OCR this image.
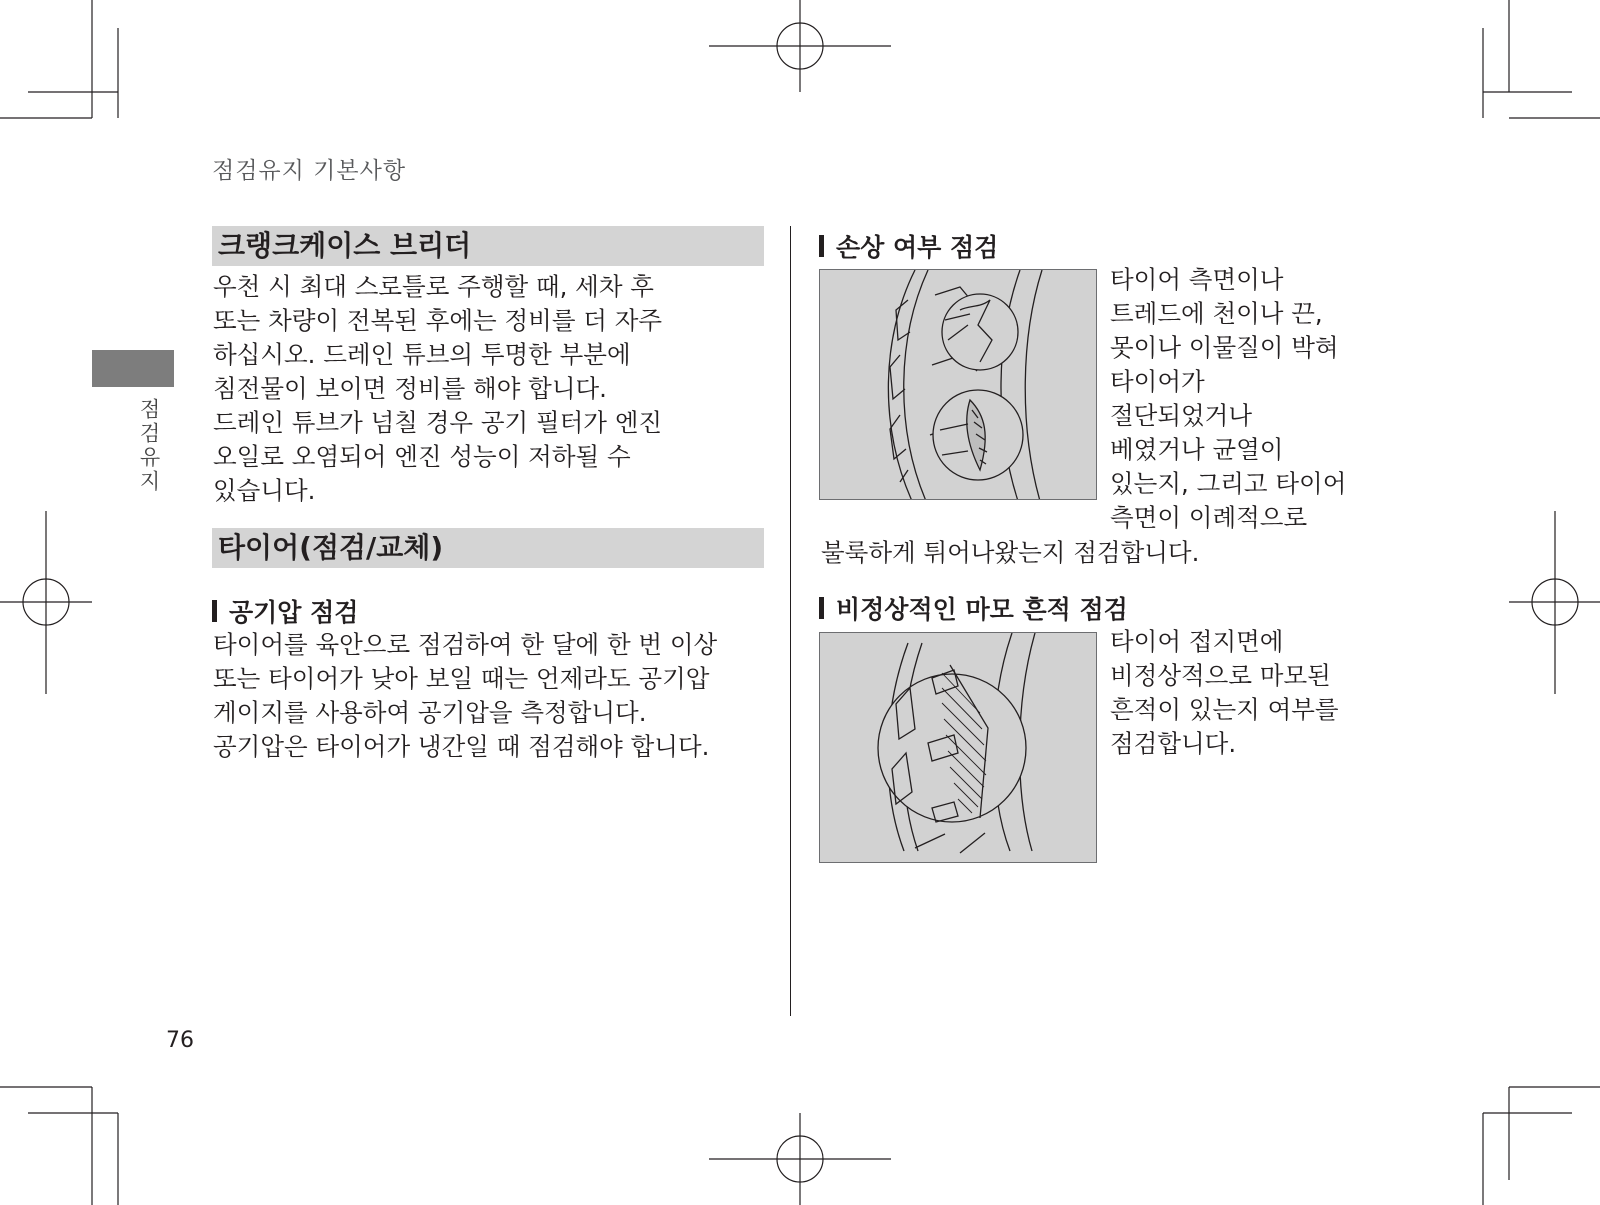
점검유지 기본사항
점검유지
76
크랭크케이스 브리더
우천 시 최대 스로틀로 주행할 때, 세차 후
또는 차량이 전복된 후에는 정비를 더 자주
하십시오. 드레인 튜브의 투명한 부분에
침전물이 보이면 정비를 해야 합니다.
드레인 튜브가 넘칠 경우 공기 필터가 엔진
오일로 오염되어 엔진 성능이 저하될 수
있습니다.
타이어(점검/교체)
공기압 점검
타이어를 육안으로 점검하여 한 달에 한 번 이상
또는 타이어가 낮아 보일 때는 언제라도 공기압
게이지를 사용하여 공기압을 측정합니다.
공기압은 타이어가 냉간일 때 점검해야 합니다.
손상 여부 점검
타이어 측면이나
트레드에 천이나 끈,
못이나 이물질이 박혀
타이어가
절단되었거나
베였거나 균열이
있는지, 그리고 타이어
측면이 이례적으로
불룩하게 튀어나왔는지 점검합니다.
비정상적인 마모 흔적 점검
타이어 접지면에
비정상적으로 마모된
흔적이 있는지 여부를
점검합니다.
